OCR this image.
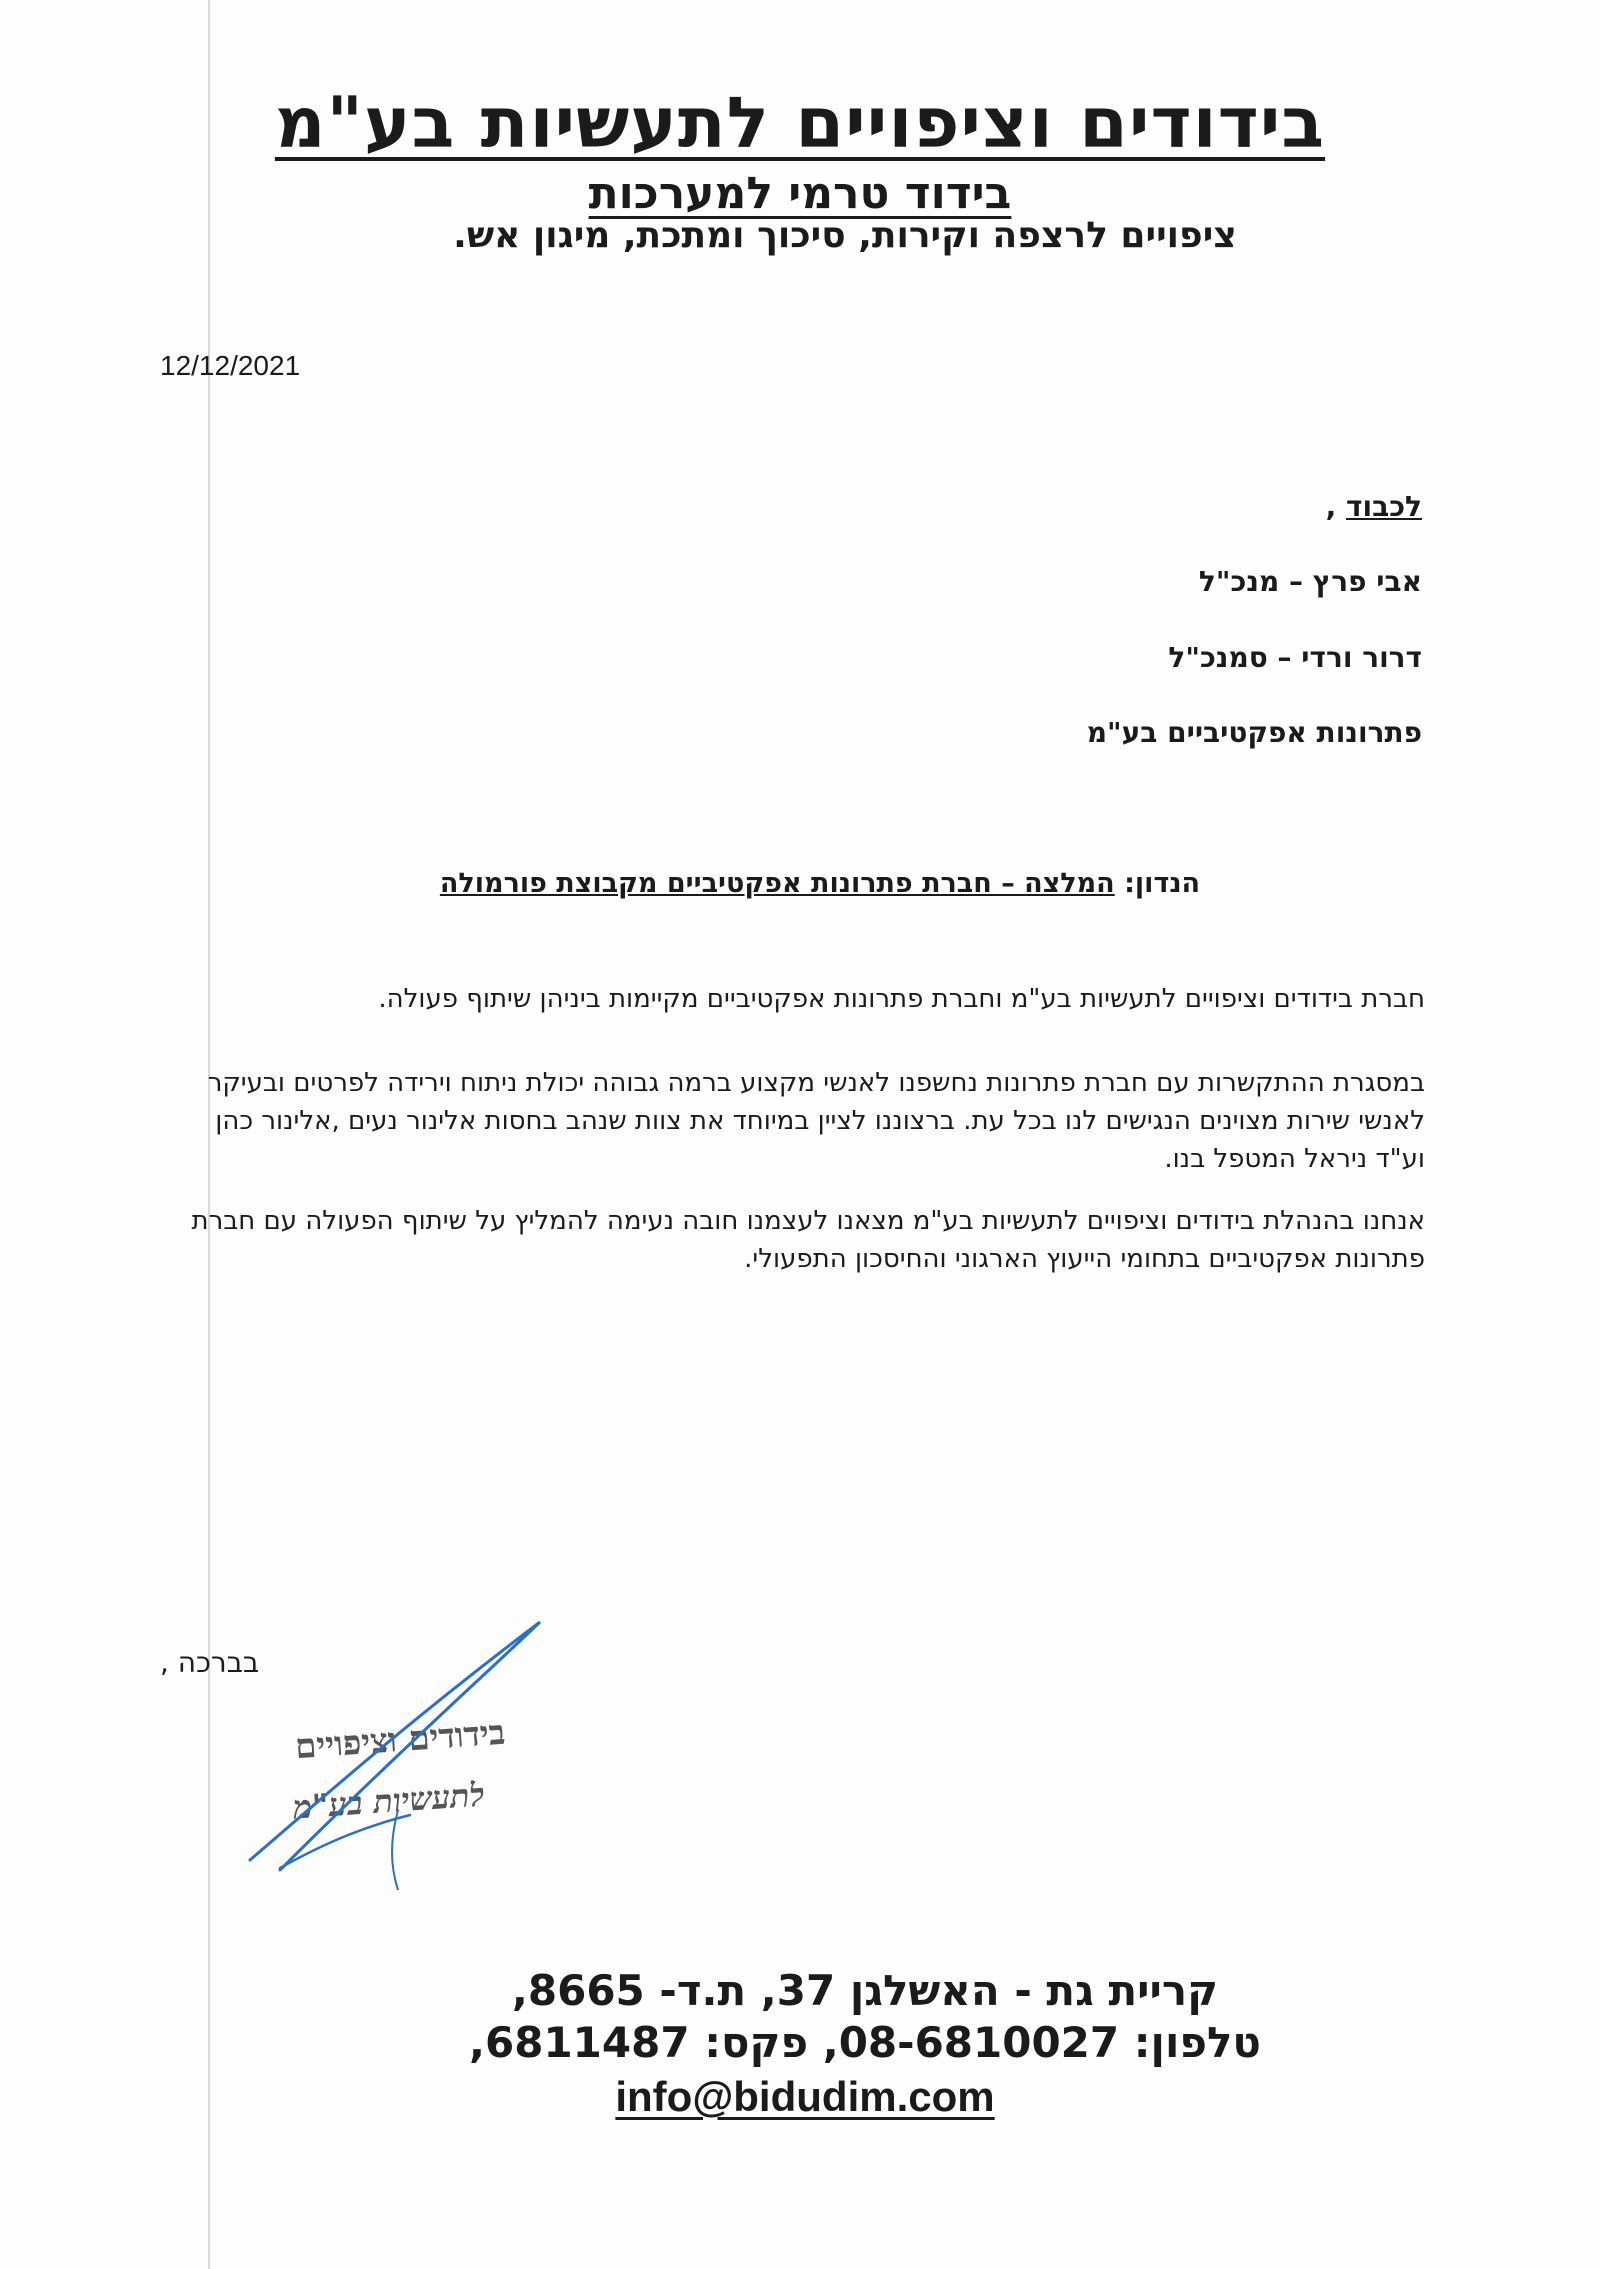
בידודים וציפויים לתעשיות בע"מ
בידוד טרמי למערכות
ציפויים לרצפה וקירות, סיכוך ומתכת, מיגון אש.
12/12/2021
לכבוד ,
אבי פרץ – מנכ"ל
דרור ורדי – סמנכ"ל
פתרונות אפקטיביים בע"מ
הנדון: המלצה – חברת פתרונות אפקטיביים מקבוצת פורמולה
חברת בידודים וציפויים לתעשיות בע"מ וחברת פתרונות אפקטיביים מקיימות ביניהן שיתוף פעולה.
במסגרת ההתקשרות עם חברת פתרונות נחשפנו לאנשי מקצוע ברמה גבוהה יכולת ניתוח וירידה לפרטים ובעיקר לאנשי שירות מצוינים הנגישים לנו בכל עת. ברצוננו לציין במיוחד את צוות שנהב בחסות אלינור נעים ,אלינור כהן וע"ד ניראל המטפל בנו.
אנחנו בהנהלת בידודים וציפויים לתעשיות בע"מ מצאנו לעצמנו חובה נעימה להמליץ על שיתוף הפעולה עם חברת פתרונות אפקטיביים בתחומי הייעוץ הארגוני והחיסכון התפעולי.
בברכה ,
בידודים וציפויים
לתעשיות בע"מ
קריית גת - האשלגן 37, ת.ד- 8665,
טלפון: 08-6810027, פקס: 6811487,
info@bidudim.com
